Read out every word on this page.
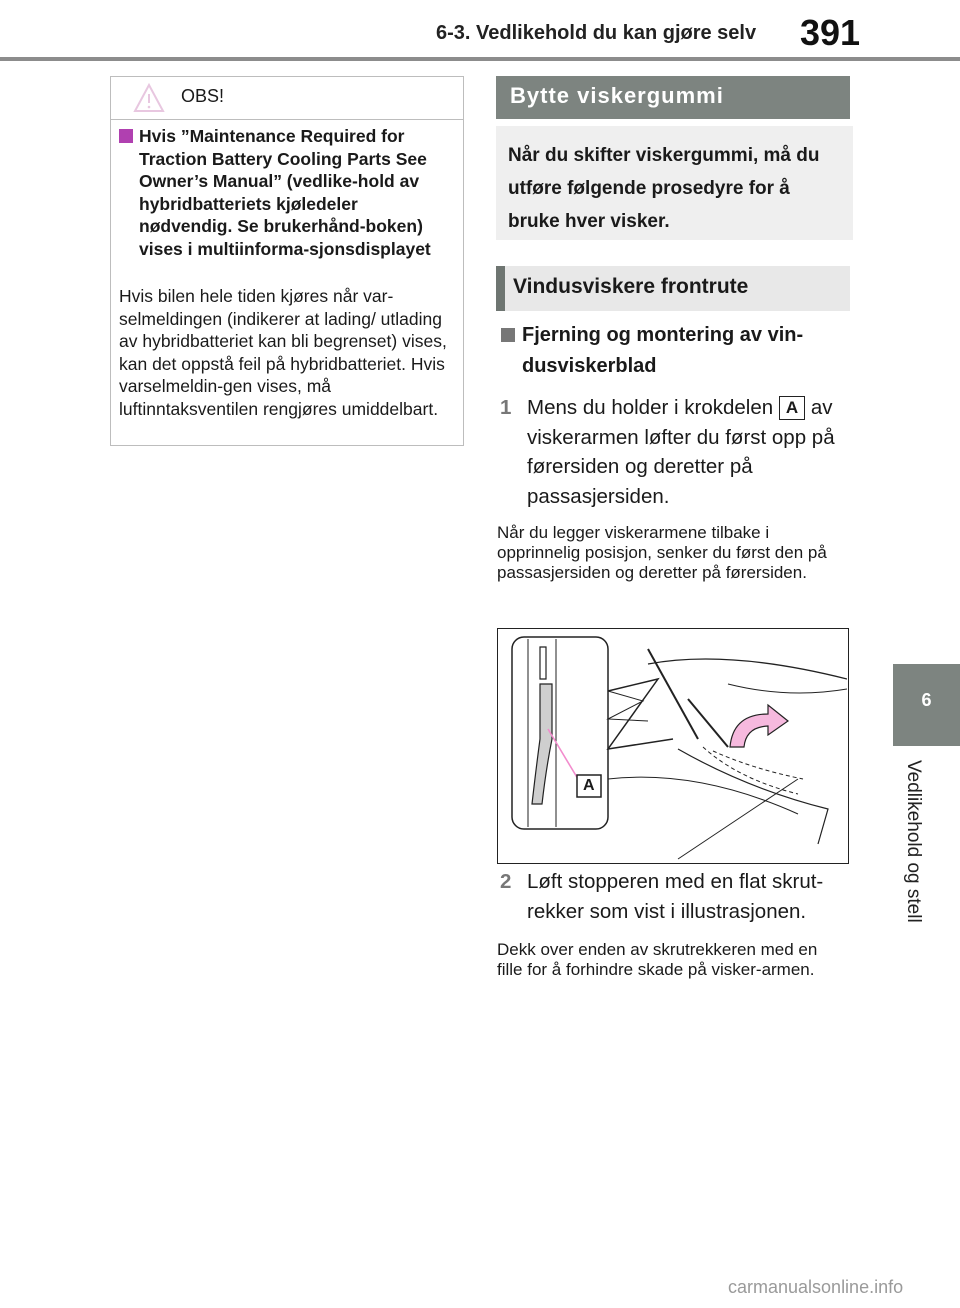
6-3. Vedlikehold du kan gjøre selv 391
6
Vedlikehold og stell
OBS!
Hvis ”Maintenance Required for Traction Battery Cooling Parts See Owner’s Manual” (vedlike-hold av hybridbatteriets kjøledeler nødvendig. Se brukerhånd-boken) vises i multiinforma-sjonsdisplayet
Hvis bilen hele tiden kjøres når var-selmeldingen (indikerer at lading/ utlading av hybridbatteriet kan bli begrenset) vises, kan det oppstå feil på hybridbatteriet. Hvis varselmeldin-gen vises, må luftinntaksventilen rengjøres umiddelbart.
Bytte viskergummi
Når du skifter viskergummi, må du utføre følgende prosedyre for å bruke hver visker.
Vindusviskere frontrute
Fjerning og montering av vin-dusviskerblad
1 Mens du holder i krokdelen A av viskerarmen løfter du først opp på førersiden og deretter på passasjersiden.
Når du legger viskerarmene tilbake i opprinnelig posisjon, senker du først den på passasjersiden og deretter på førersiden.
A
2 Løft stopperen med en flat skrut-rekker som vist i illustrasjonen.
Dekk over enden av skrutrekkeren med en fille for å forhindre skade på visker-armen.
carmanualsonline.info
